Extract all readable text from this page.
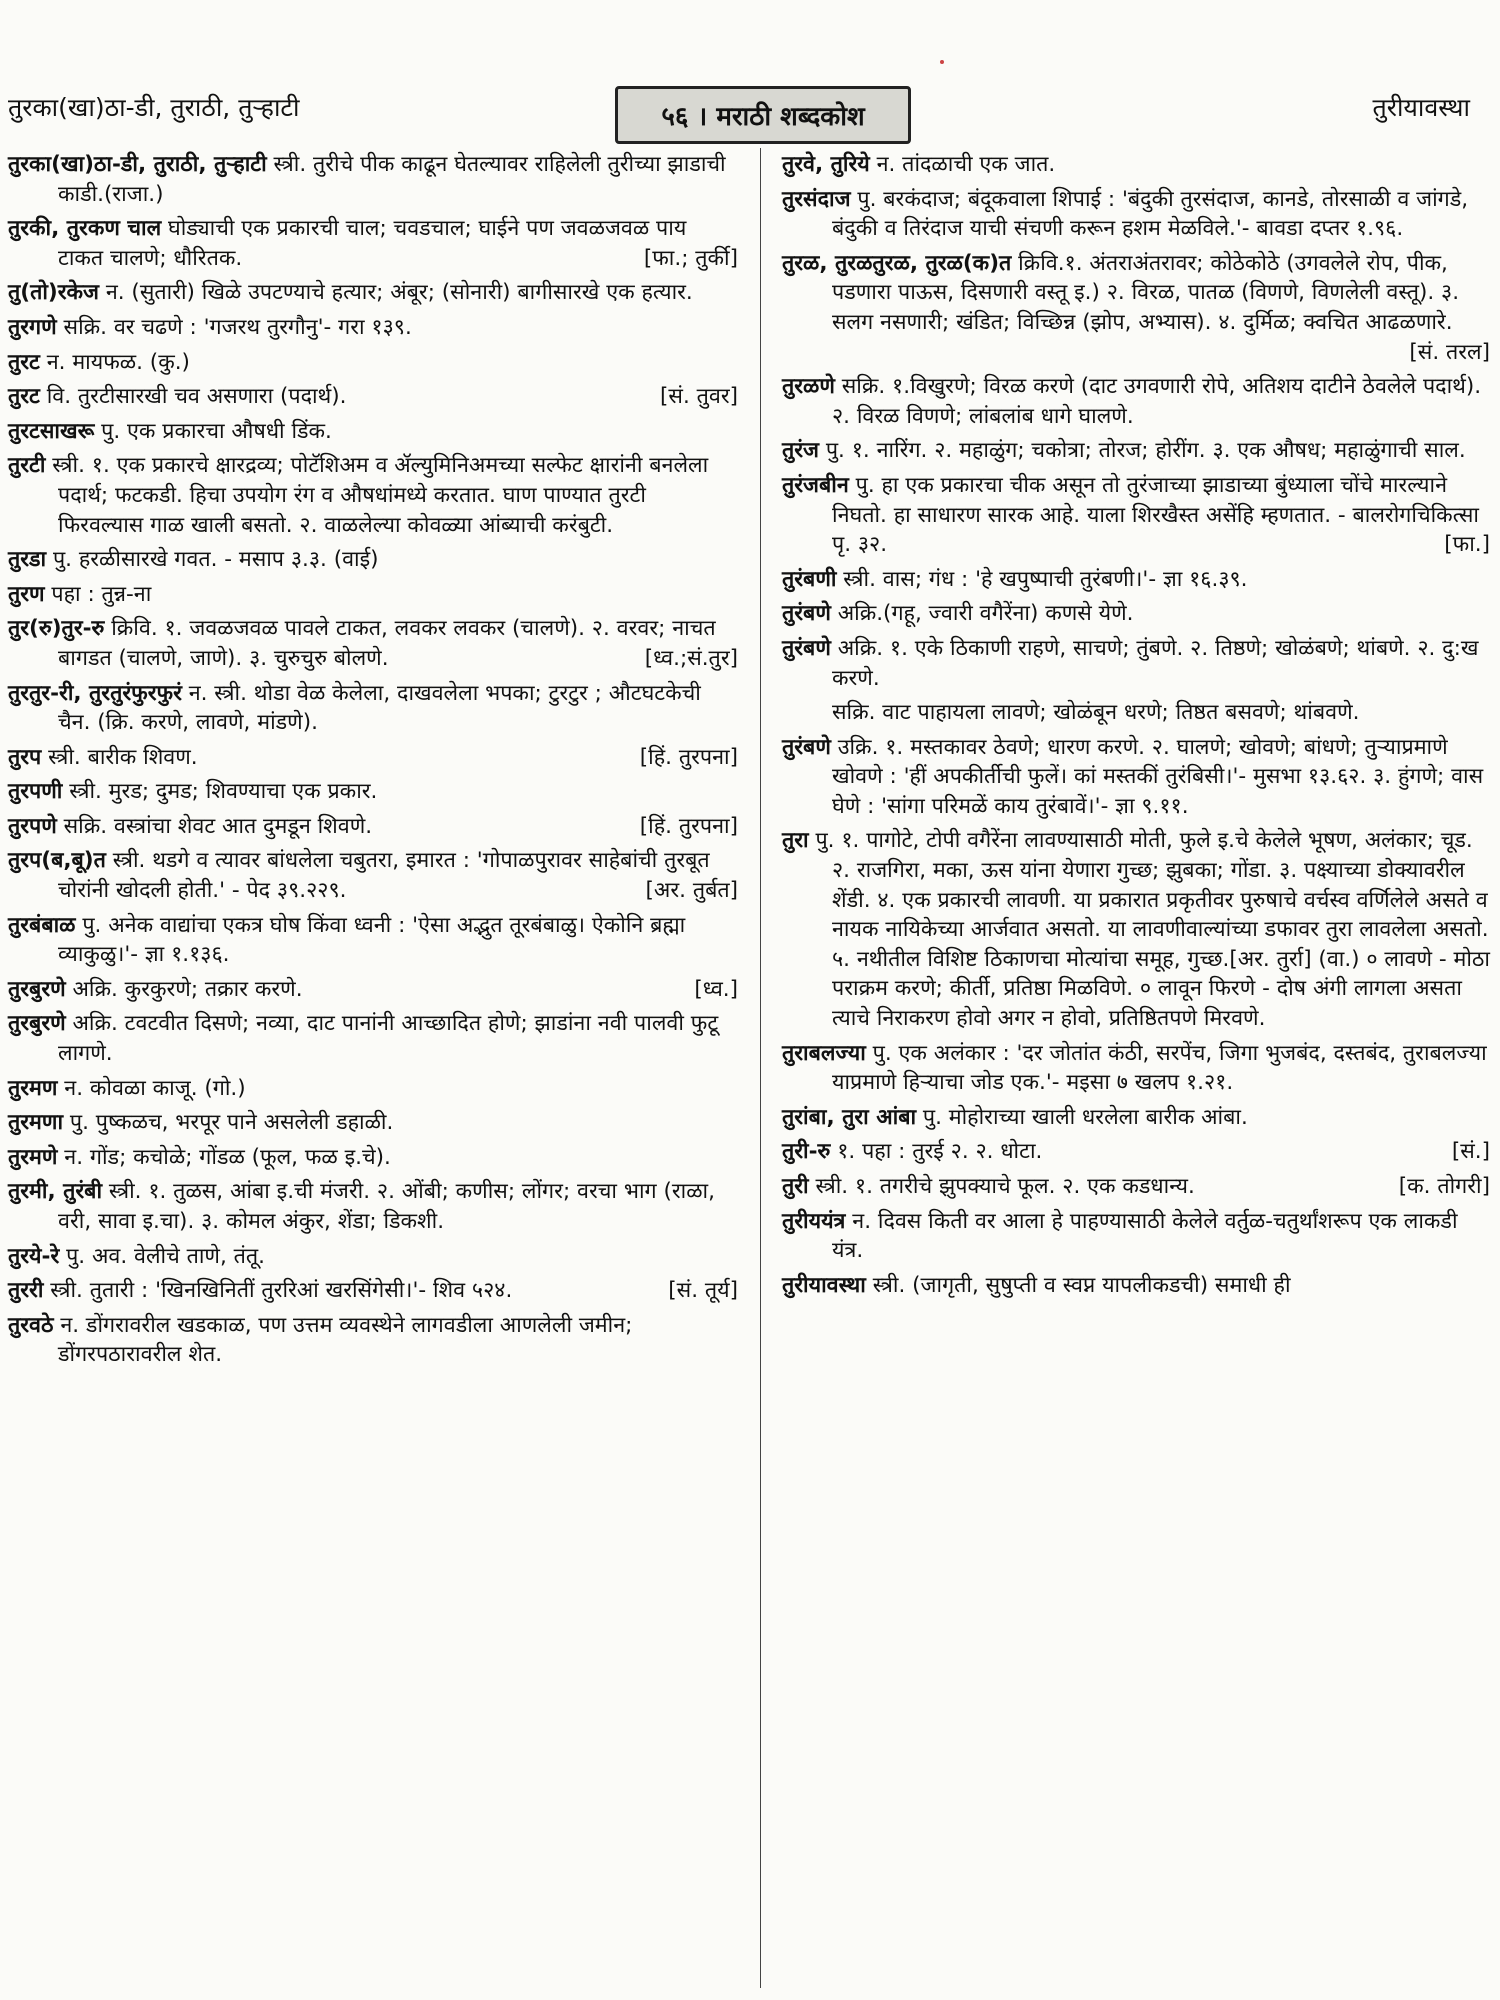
तुरका(खा)ठा-डी, तुराठी, तुऱ्हाटी	५६ । मराठी शब्दकोश	तुरीयावस्था
तुरका(खा)ठा-डी, तुराठी, तुऱ्हाटी स्त्री. तुरीचे पीक काढून घेतल्यावर राहिलेली तुरीच्या झाडाची काडी.(राजा.)
तुरकी, तुरकण चाल घोड्याची एक प्रकारची चाल; चवडचाल; घाईने पण जवळजवळ पाय टाकत चालणे; धौरितक.	[फा.; तुर्की]
तु(तो)रकेज न. (सुतारी) खिळे उपटण्याचे हत्यार; अंबूर; (सोनारी) बागीसारखे एक हत्यार.
तुरगणे सक्रि. वर चढणे : 'गजरथ तुरगौनु'- गरा १३९.
तुरट न. मायफळ. (कु.)
तुरट वि. तुरटीसारखी चव असणारा (पदार्थ).	[सं. तुवर]
तुरटसाखरू पु. एक प्रकारचा औषधी डिंक.
तुरटी स्त्री. १. एक प्रकारचे क्षारद्रव्य; पोटॅशिअम व ॲल्युमिनिअमच्या सल्फेट क्षारांनी बनलेला पदार्थ; फटकडी. हिचा उपयोग रंग व औषधांमध्ये करतात. घाण पाण्यात तुरटी फिरवल्यास गाळ खाली बसतो. २. वाळलेल्या कोवळ्या आंब्याची करंबुटी.
तुरडा पु. हरळीसारखे गवत. - मसाप ३.३. (वाई)
तुरण पहा : तुन्न-ना
तुर(रु)तुर-रु क्रिवि. १. जवळजवळ पावले टाकत, लवकर लवकर (चालणे). २. वरवर; नाचत बागडत (चालणे, जाणे). ३. चुरुचुरु बोलणे.	[ध्व.;सं.तुर]
तुरतुर-री, तुरतुरंफुरफुरं न. स्त्री. थोडा वेळ केलेला, दाखवलेला भपका; टुरटुर ; औटघटकेची चैन. (क्रि. करणे, लावणे, मांडणे).
तुरप स्त्री. बारीक शिवण.	[हिं. तुरपना]
तुरपणी स्त्री. मुरड; दुमड; शिवण्याचा एक प्रकार.
तुरपणे सक्रि. वस्त्रांचा शेवट आत दुमडून शिवणे.	[हिं. तुरपना]
तुरप(ब,बू)त स्त्री. थडगे व त्यावर बांधलेला चबुतरा, इमारत : 'गोपाळपुरावर साहेबांची तुरबूत चोरांनी खोदली होती.' - पेद ३९.२२९.	[अर. तुर्बत]
तुरबंबाळ पु. अनेक वाद्यांचा एकत्र घोष किंवा ध्वनी : 'ऐसा अद्भुत तूरबंबाळु। ऐकोनि ब्रह्मा व्याकुळु।'- ज्ञा १.१३६.
तुरबुरणे अक्रि. कुरकुरणे; तक्रार करणे.	[ध्व.]
तुरबुरणे अक्रि. टवटवीत दिसणे; नव्या, दाट पानांनी आच्छादित होणे; झाडांना नवी पालवी फुटू लागणे.
तुरमण न. कोवळा काजू. (गो.)
तुरमणा पु. पुष्कळच, भरपूर पाने असलेली डहाळी.
तुरमणे न. गोंड; कचोळे; गोंडळ (फूल, फळ इ.चे).
तुरमी, तुरंबी स्त्री. १. तुळस, आंबा इ.ची मंजरी. २. ओंबी; कणीस; लोंगर; वरचा भाग (राळा, वरी, सावा इ.चा). ३. कोमल अंकुर, शेंडा; डिकशी.
तुरये-रे पु. अव. वेलीचे ताणे, तंतू.
तुररी स्त्री. तुतारी : 'खिनखिनितीं तुररिआं खरसिंगेसी।'- शिव ५२४.	[सं. तूर्य]
तुरवठे न. डोंगरावरील खडकाळ, पण उत्तम व्यवस्थेने लागवडीला आणलेली जमीन; डोंगरपठारावरील शेत.
तुरवे, तुरिये न. तांदळाची एक जात.
तुरसंदाज पु. बरकंदाज; बंदूकवाला शिपाई : 'बंदुकी तुरसंदाज, कानडे, तोरसाळी व जांगडे, बंदुकी व तिरंदाज याची संचणी करून हशम मेळविले.'- बावडा दप्तर १.९६.
तुरळ, तुरळतुरळ, तुरळ(क)त क्रिवि.१. अंतराअंतरावर; कोठेकोठे (उगवलेले रोप, पीक, पडणारा पाऊस, दिसणारी वस्तू इ.) २. विरळ, पातळ (विणणे, विणलेली वस्तू). ३. सलग नसणारी; खंडित; विच्छिन्न (झोप, अभ्यास). ४. दुर्मिळ; क्वचित आढळणारे.
[सं. तरल]
तुरळणे सक्रि. १.विखुरणे; विरळ करणे (दाट उगवणारी रोपे, अतिशय दाटीने ठेवलेले पदार्थ). २. विरळ विणणे; लांबलांब धागे घालणे.
तुरंज पु. १. नारिंग. २. महाळुंग; चकोत्रा; तोरज; होरींग. ३. एक औषध; महाळुंगाची साल.
तुरंजबीन पु. हा एक प्रकारचा चीक असून तो तुरंजाच्या झाडाच्या बुंध्याला चोंचे मारल्याने निघतो. हा साधारण सारक आहे. याला शिरखैस्त असेंहि म्हणतात. - बालरोगचिकित्सा पृ. ३२.	[फा.]
तुरंबणी स्त्री. वास; गंध : 'हे खपुष्पाची तुरंबणी।'- ज्ञा १६.३९.
तुरंबणे अक्रि.(गहू, ज्वारी वगैरेंना) कणसे येणे.
तुरंबणे अक्रि. १. एके ठिकाणी राहणे, साचणे; तुंबणे. २. तिष्ठणे; खोळंबणे; थांबणे. २. दु:ख करणे.
सक्रि. वाट पाहायला लावणे; खोळंबून धरणे; तिष्ठत बसवणे; थांबवणे.
तुरंबणे उक्रि. १. मस्तकावर ठेवणे; धारण करणे. २. घालणे; खोवणे; बांधणे; तुऱ्याप्रमाणे खोवणे : 'हीं अपकीर्तीची फुलें। कां मस्तकीं तुरंबिसी।'- मुसभा १३.६२. ३. हुंगणे; वास घेणे : 'सांगा परिमळें काय तुरंबावें।'- ज्ञा ९.११.
तुरा पु. १. पागोटे, टोपी वगैरेंना लावण्यासाठी मोती, फुले इ.चे केलेले भूषण, अलंकार; चूड. २. राजगिरा, मका, ऊस यांना येणारा गुच्छ; झुबका; गोंडा. ३. पक्ष्याच्या डोक्यावरील शेंडी. ४. एक प्रकारची लावणी. या प्रकारात प्रकृतीवर पुरुषाचे वर्चस्व वर्णिलेले असते व नायक नायिकेच्या आर्जवात असतो. या लावणीवाल्यांच्या डफावर तुरा लावलेला असतो. ५. नथीतील विशिष्ट ठिकाणचा मोत्यांचा समूह, गुच्छ.[अर. तुर्रा] (वा.) ० लावणे - मोठा पराक्रम करणे; कीर्ती, प्रतिष्ठा मिळविणे. ० लावून फिरणे - दोष अंगी लागला असता त्याचे निराकरण होवो अगर न होवो, प्रतिष्ठितपणे मिरवणे.
तुराबलज्या पु. एक अलंकार : 'दर जोतांत कंठी, सरपेंच, जिगा भुजबंद, दस्तबंद, तुराबलज्या याप्रमाणे हिऱ्याचा जोड एक.'- मइसा ७ खलप १.२१.
तुरांबा, तुरा आंबा पु. मोहोराच्या खाली धरलेला बारीक आंबा.
तुरी-रु १. पहा : तुरई २. २. धोटा.	[सं.]
तुरी स्त्री. १. तगरीचे झुपक्याचे फूल. २. एक कडधान्य.	[क. तोगरी]
तुरीययंत्र न. दिवस किती वर आला हे पाहण्यासाठी केलेले वर्तुळ-चतुर्थांशरूप एक लाकडी यंत्र.
तुरीयावस्था स्त्री. (जागृती, सुषुप्ती व स्वप्न यापलीकडची) समाधी ही
